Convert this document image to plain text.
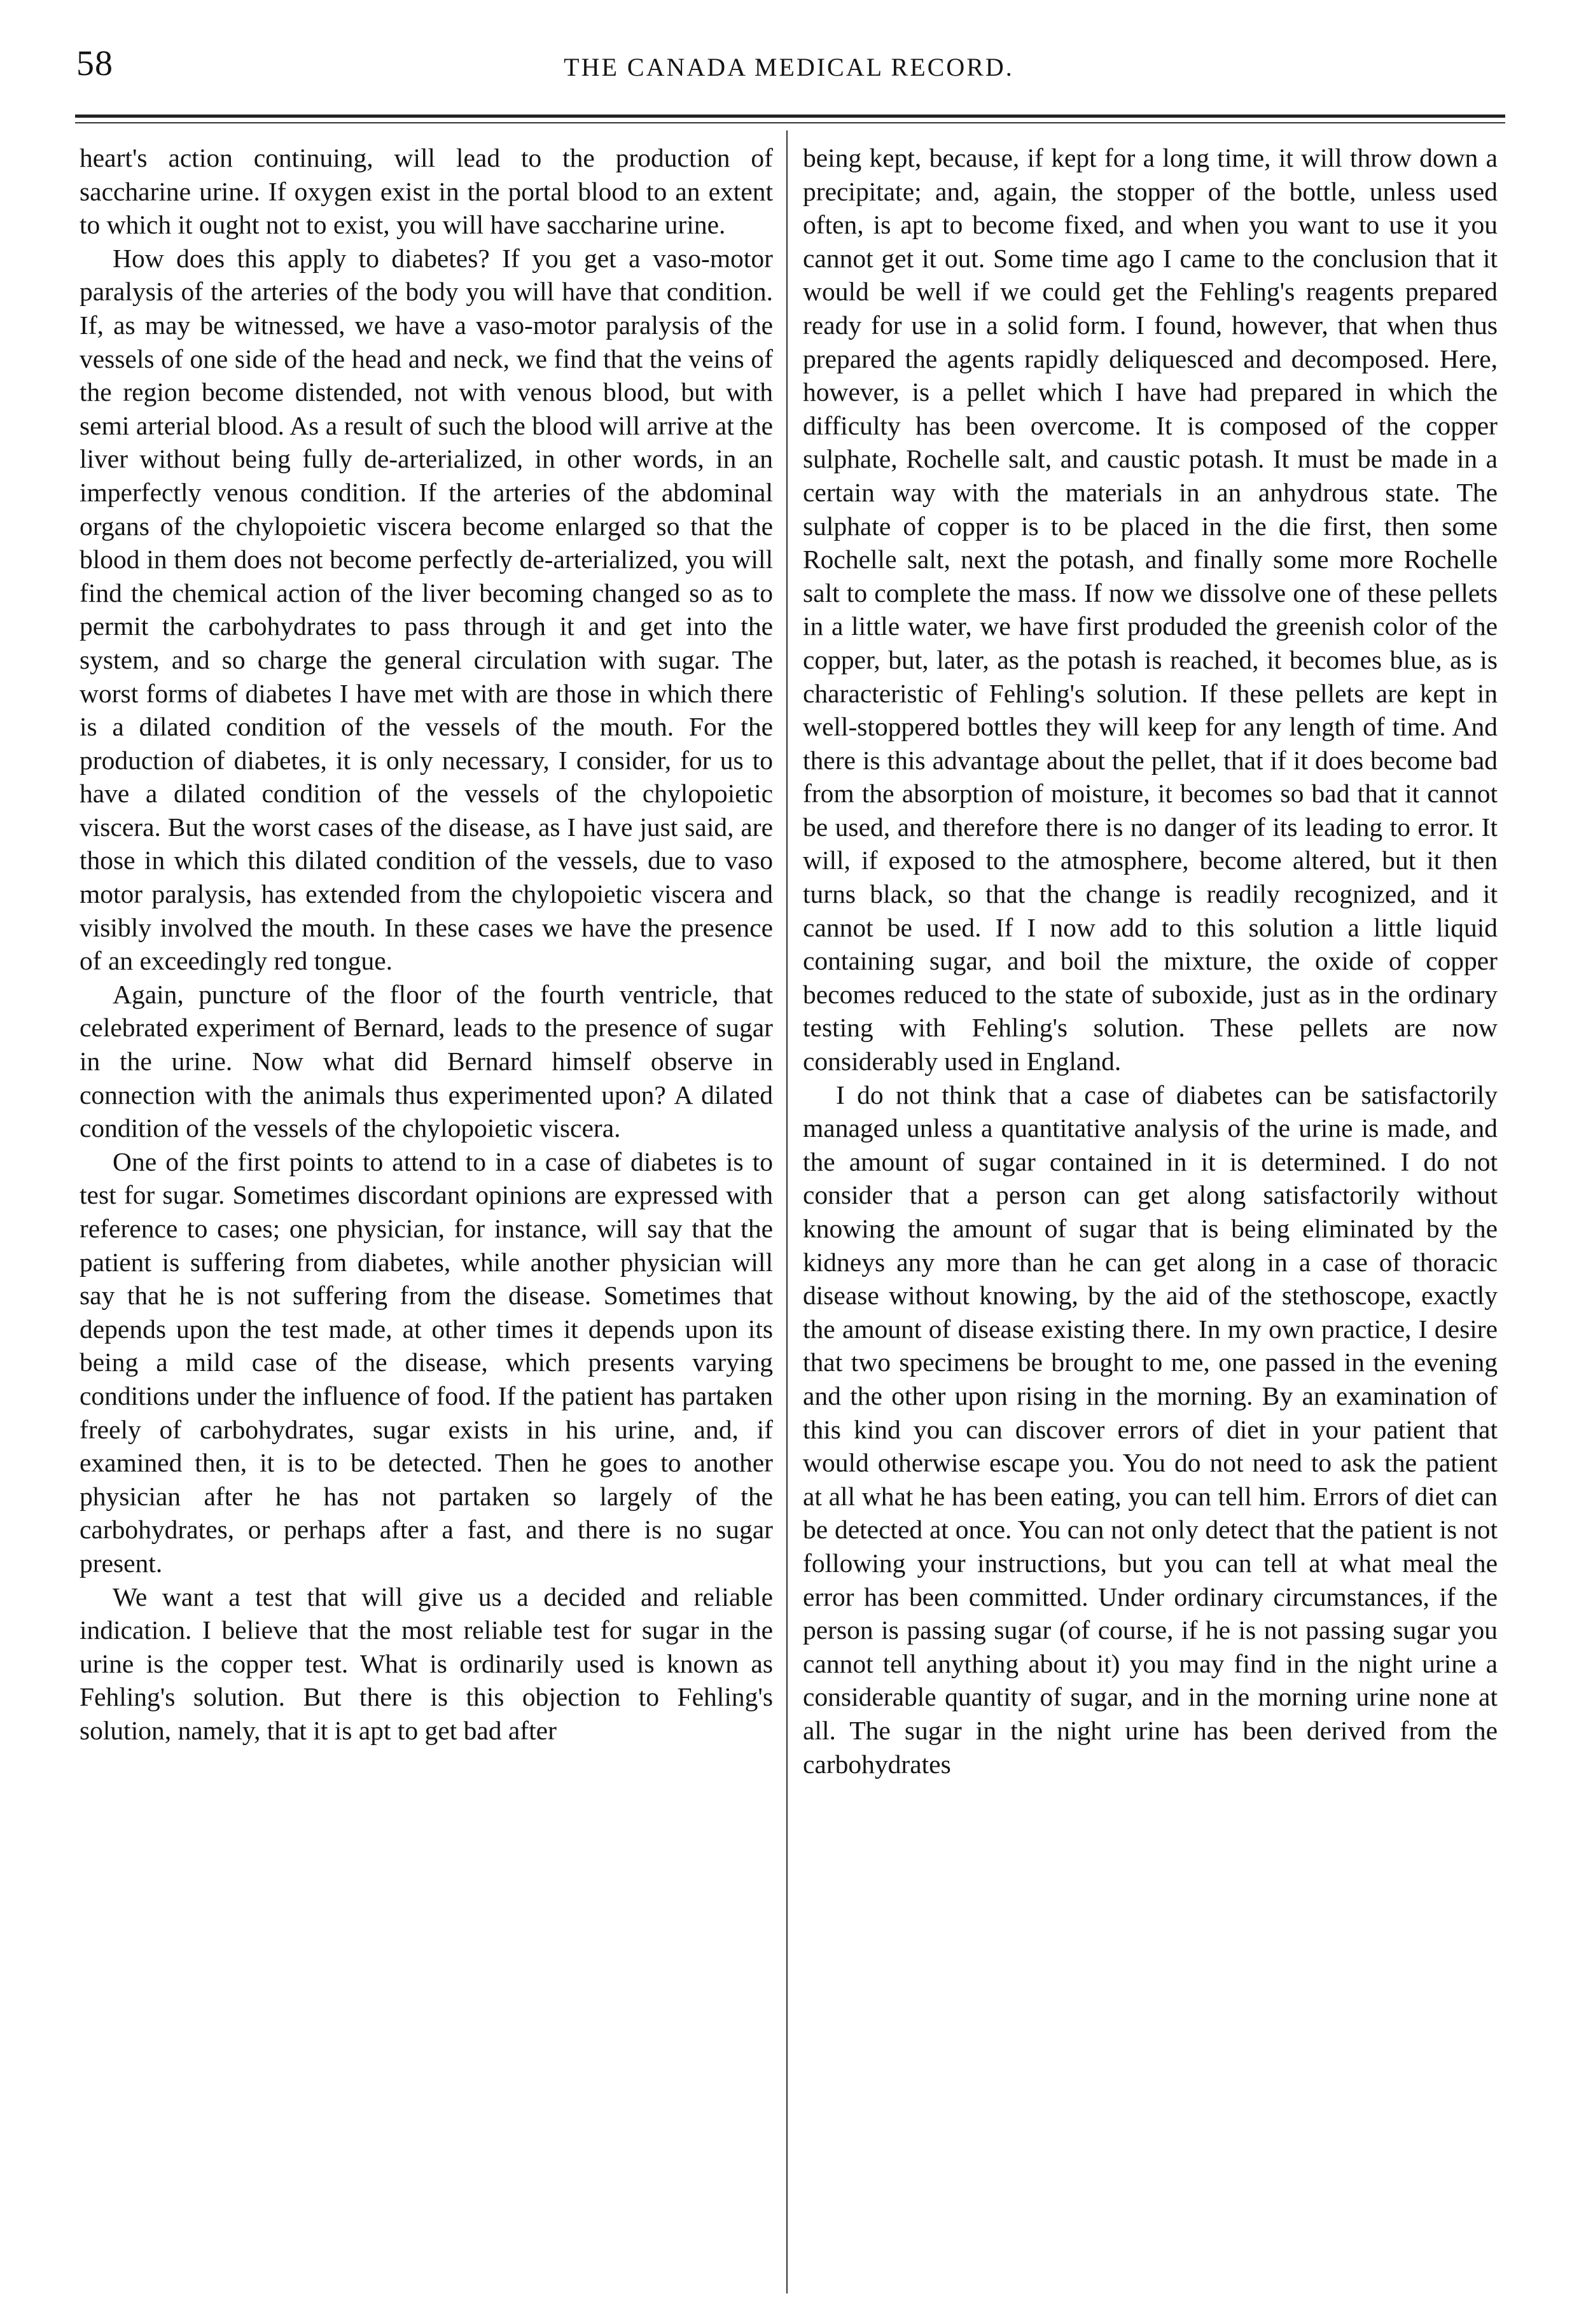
58	THE CANADA MEDICAL RECORD.

heart's action continuing, will lead to the production of saccharine urine. If oxygen exist in the portal blood to an extent to which it ought not to exist, you will have saccharine urine.

How does this apply to diabetes? If you get a vaso-motor paralysis of the arteries of the body you will have that condition. If, as may be witnessed, we have a vaso-motor paralysis of the vessels of one side of the head and neck, we find that the veins of the region become distended, not with venous blood, but with semi arterial blood. As a result of such the blood will arrive at the liver without being fully de-arterialized, in other words, in an imperfectly venous condition. If the arteries of the abdominal organs of the chylopoietic viscera become enlarged so that the blood in them does not become perfectly de-arterialized, you will find the chemical action of the liver becoming changed so as to permit the carbohydrates to pass through it and get into the system, and so charge the general circulation with sugar. The worst forms of diabetes I have met with are those in which there is a dilated condition of the vessels of the mouth. For the production of diabetes, it is only necessary, I consider, for us to have a dilated condition of the vessels of the chylopoietic viscera. But the worst cases of the disease, as I have just said, are those in which this dilated condition of the vessels, due to vaso motor paralysis, has extended from the chylopoietic viscera and visibly involved the mouth. In these cases we have the presence of an exceedingly red tongue.

Again, puncture of the floor of the fourth ventricle, that celebrated experiment of Bernard, leads to the presence of sugar in the urine. Now what did Bernard himself observe in connection with the animals thus experimented upon? A dilated condition of the vessels of the chylopoietic viscera.

One of the first points to attend to in a case of diabetes is to test for sugar. Sometimes discordant opinions are expressed with reference to cases; one physician, for instance, will say that the patient is suffering from diabetes, while another physician will say that he is not suffering from the disease. Sometimes that depends upon the test made, at other times it depends upon its being a mild case of the disease, which presents varying conditions under the influence of food. If the patient has partaken freely of carbohydrates, sugar exists in his urine, and, if examined then, it is to be detected. Then he goes to another physician after he has not partaken so largely of the carbohydrates, or perhaps after a fast, and there is no sugar present.

We want a test that will give us a decided and reliable indication. I believe that the most reliable test for sugar in the urine is the copper test. What is ordinarily used is known as Fehling's solution. But there is this objection to Fehling's solution, namely, that it is apt to get bad after

being kept, because, if kept for a long time, it will throw down a precipitate; and, again, the stopper of the bottle, unless used often, is apt to become fixed, and when you want to use it you cannot get it out. Some time ago I came to the conclusion that it would be well if we could get the Fehling's reagents prepared ready for use in a solid form. I found, however, that when thus prepared the agents rapidly deliquesced and decomposed. Here, however, is a pellet which I have had prepared in which the difficulty has been overcome. It is composed of the copper sulphate, Rochelle salt, and caustic potash. It must be made in a certain way with the materials in an anhydrous state. The sulphate of copper is to be placed in the die first, then some Rochelle salt, next the potash, and finally some more Rochelle salt to complete the mass. If now we dissolve one of these pellets in a little water, we have first produded the greenish color of the copper, but, later, as the potash is reached, it becomes blue, as is characteristic of Fehling's solution. If these pellets are kept in well-stoppered bottles they will keep for any length of time. And there is this advantage about the pellet, that if it does become bad from the absorption of moisture, it becomes so bad that it cannot be used, and therefore there is no danger of its leading to error. It will, if exposed to the atmosphere, become altered, but it then turns black, so that the change is readily recognized, and it cannot be used. If I now add to this solution a little liquid containing sugar, and boil the mixture, the oxide of copper becomes reduced to the state of suboxide, just as in the ordinary testing with Fehling's solution. These pellets are now considerably used in England.

I do not think that a case of diabetes can be satisfactorily managed unless a quantitative analysis of the urine is made, and the amount of sugar contained in it is determined. I do not consider that a person can get along satisfactorily without knowing the amount of sugar that is being eliminated by the kidneys any more than he can get along in a case of thoracic disease without knowing, by the aid of the stethoscope, exactly the amount of disease existing there. In my own practice, I desire that two specimens be brought to me, one passed in the evening and the other upon rising in the morning. By an examination of this kind you can discover errors of diet in your patient that would otherwise escape you. You do not need to ask the patient at all what he has been eating, you can tell him. Errors of diet can be detected at once. You can not only detect that the patient is not following your instructions, but you can tell at what meal the error has been committed. Under ordinary circumstances, if the person is passing sugar (of course, if he is not passing sugar you cannot tell anything about it) you may find in the night urine a considerable quantity of sugar, and in the morning urine none at all. The sugar in the night urine has been derived from the carbohydrates
